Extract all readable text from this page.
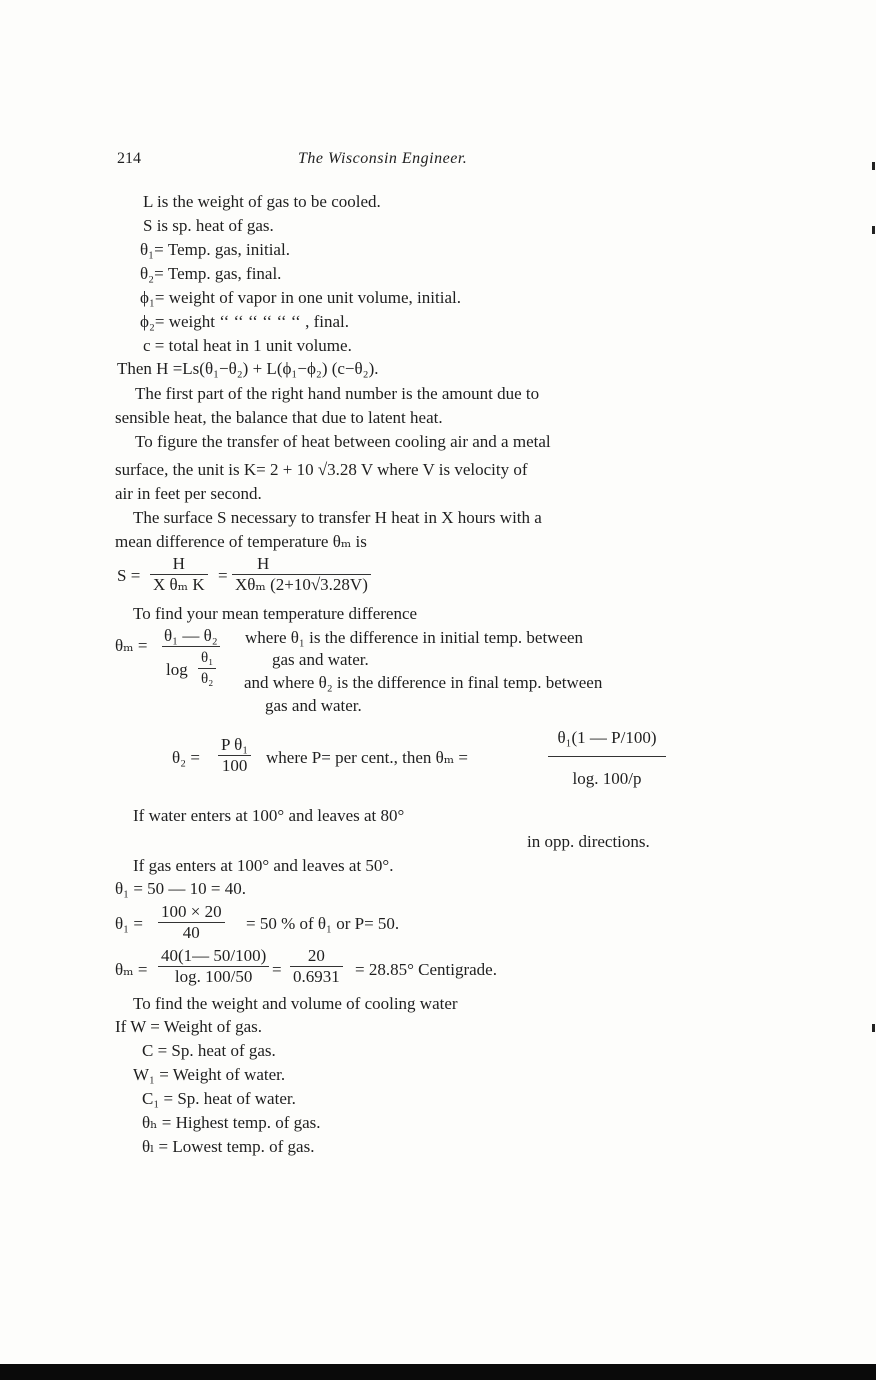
214	The Wisconsin Engineer.
L is the weight of gas to be cooled.
S is sp. heat of gas.
θ₁= Temp. gas, initial.
θ₂= Temp. gas, final.
ϕ₁= weight of vapor in one unit volume, initial.
ϕ₂= weight ‘‘ ‘‘ ‘‘ ‘‘ ‘‘ ‘‘ , final.
c = total heat in 1 unit volume.
Then H =Ls(θ₁−θ₂) + L(ϕ₁−ϕ₂) (c−θ₂).
The first part of the right hand number is the amount due to
sensible heat, the balance that due to latent heat.
To figure the transfer of heat between cooling air and a metal
surface, the unit is K= 2 + 10 √3.28 V where V is velocity of
air in feet per second.
The surface S necessary to transfer H heat in X hours with a
mean difference of temperature θₘ is
$S = \frac{H}{\text{X θₘ K}}$ =
H
Xθₘ (2+10√3.28V)
To find your mean temperature difference
θₘ =
θ₁ — θ₂
$\log \frac{\text{θ₁}}{\text{θ₂}}$
where θ₁ is the difference in initial temp. between
gas and water.
and where θ₂ is the difference in final temp. between
gas and water.
$\theta_2 = \frac{\text{P θ₁}}{100}$ where P= per cent., then θₘ =	$\frac{\text{θ₁(1 — P/100)}}{\log. 100/p}$
If water enters at 100° and leaves at 80°
in opp. directions.
If gas enters at 100° and leaves at 50°.
θ₁ = 50 — 10 = 40.
$\theta_1 = \frac{100 \times 20}{40} = 50$ % of θ₁ or P= 50.
$\theta_m = \frac{40(1— 50/100)}{\log. 100/50} = \frac{20}{0.6931} = 28.85^\circ$ Centigrade.
To find the weight and volume of cooling water
If W = Weight of gas.
C = Sp. heat of gas.
W₁ = Weight of water.
C₁ = Sp. heat of water.
θₕ = Highest temp. of gas.
θₗ = Lowest temp. of gas.
